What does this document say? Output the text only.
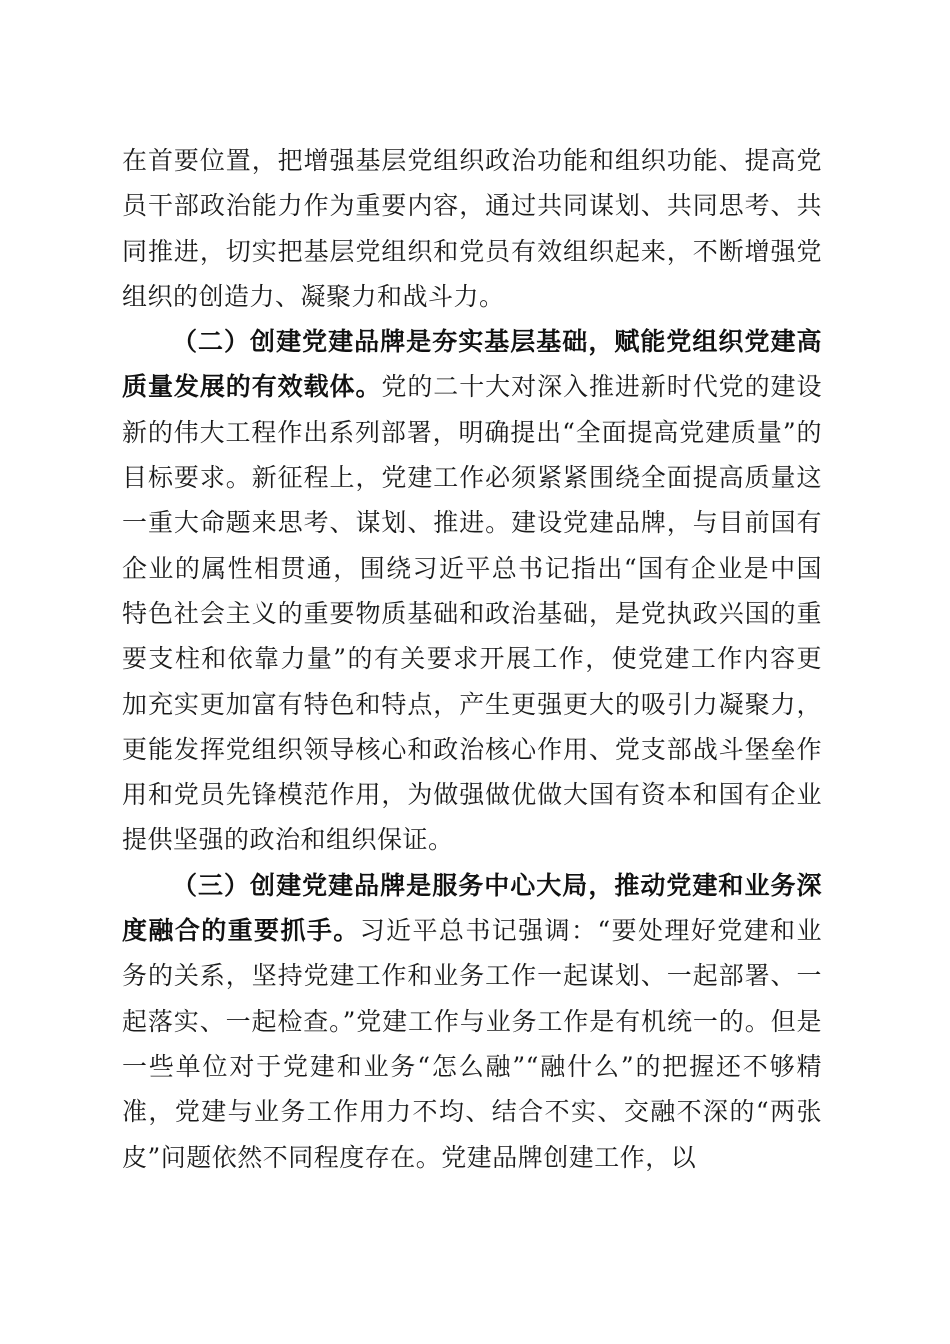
在首要位置，把增强基层党组织政治功能和组织功能、提高党员干部政治能力作为重要内容，通过共同谋划、共同思考、共同推进，切实把基层党组织和党员有效组织起来，不断增强党组织的创造力、凝聚力和战斗力。

（二）创建党建品牌是夯实基层基础，赋能党组织党建高质量发展的有效载体。党的二十大对深入推进新时代党的建设新的伟大工程作出系列部署，明确提出“全面提高党建质量”的目标要求。新征程上，党建工作必须紧紧围绕全面提高质量这一重大命题来思考、谋划、推进。建设党建品牌，与目前国有企业的属性相贯通，围绕习近平总书记指出“国有企业是中国特色社会主义的重要物质基础和政治基础，是党执政兴国的重要支柱和依靠力量”的有关要求开展工作，使党建工作内容更加充实更加富有特色和特点，产生更强更大的吸引力凝聚力，更能发挥党组织领导核心和政治核心作用、党支部战斗堡垒作用和党员先锋模范作用，为做强做优做大国有资本和国有企业提供坚强的政治和组织保证。

（三）创建党建品牌是服务中心大局，推动党建和业务深度融合的重要抓手。习近平总书记强调：“要处理好党建和业务的关系，坚持党建工作和业务工作一起谋划、一起部署、一起落实、一起检查。”党建工作与业务工作是有机统一的。但是一些单位对于党建和业务“怎么融”“融什么”的把握还不够精准，党建与业务工作用力不均、结合不实、交融不深的“两张皮”问题依然不同程度存在。党建品牌创建工作，以
